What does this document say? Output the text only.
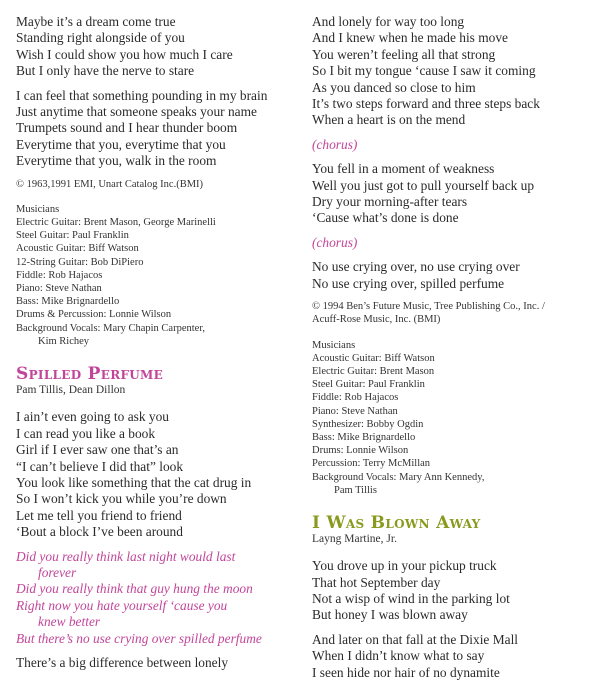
Maybe it’s a dream come true
Standing right alongside of you
Wish I could show you how much I care
But I only have the nerve to stare

I can feel that something pounding in my brain
Just anytime that someone speaks your name
Trumpets sound and I hear thunder boom
Everytime that you, everytime that you
Everytime that you, walk in the room

© 1963,1991 EMI, Unart Catalog Inc.(BMI)

Musicians

Electric Guitar: Brent Mason, George Marinelli
Steel Guitar: Paul Franklin
Acoustic Guitar: Biff Watson
12-String Guitar: Bob DiPiero
Fiddle: Rob Hajacos
Piano: Steve Nathan
Bass: Mike Brignardello
Drums & Percussion: Lonnie Wilson
Background Vocals: Mary Chapin Carpenter,

Kim Richey

Spilled Perfume

Pam Tillis, Dean Dillon

I ain’t even going to ask you
I can read you like a book
Girl if I ever saw one that’s an
“I can’t believe I did that” look
You look like something that the cat drug in
So I won’t kick you while you’re down
Let me tell you friend to friend
‘Bout a block I’ve been around

Did you really think last night would last

forever

Did you really think that guy hung the moon

Right now you hate yourself ‘cause you

knew better

But there’s no use crying over spilled perfume

There’s a big difference between lonely

And lonely for way too long
And I knew when he made his move
You weren’t feeling all that strong
So I bit my tongue ‘cause I saw it coming
As you danced so close to him
It’s two steps forward and three steps back
When a heart is on the mend

(chorus)

You fell in a moment of weakness
Well you just got to pull yourself back up
Dry your morning-after tears
‘Cause what’s done is done

(chorus)

No use crying over, no use crying over
No use crying over, spilled perfume

© 1994 Ben’s Future Music, Tree Publishing Co., Inc. /
Acuff-Rose Music, Inc. (BMI)

Musicians

Acoustic Guitar: Biff Watson
Electric Guitar: Brent Mason
Steel Guitar: Paul Franklin
Fiddle: Rob Hajacos
Piano: Steve Nathan
Synthesizer: Bobby Ogdin
Bass: Mike Brignardello
Drums: Lonnie Wilson
Percussion: Terry McMillan
Background Vocals: Mary Ann Kennedy,

Pam Tillis

I Was Blown Away

Layng Martine, Jr.

You drove up in your pickup truck
That hot September day
Not a wisp of wind in the parking lot
But honey I was blown away

And later on that fall at the Dixie Mall
When I didn’t know what to say
I seen hide nor hair of no dynamite
